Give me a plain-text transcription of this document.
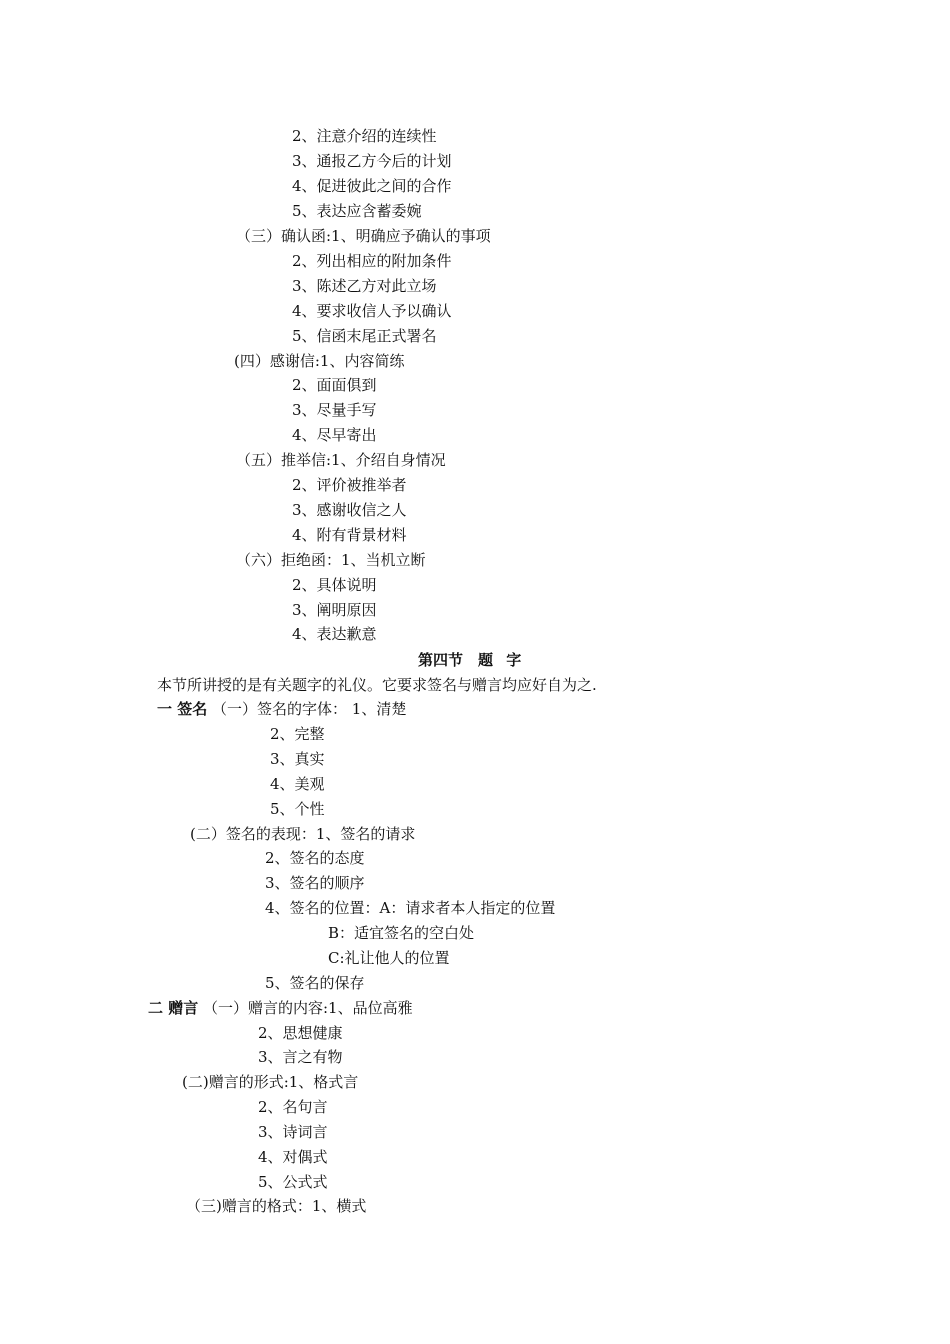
2、注意介绍的连续性
3、通报乙方今后的计划
4、促进彼此之间的合作
5、表达应含蓄委婉
（三）确认函:1、明确应予确认的事项
2、列出相应的附加条件
3、陈述乙方对此立场
4、要求收信人予以确认
5、信函末尾正式署名
(四）感谢信:1、内容简练
2、面面俱到
3、尽量手写
4、尽早寄出
（五）推举信:1、介绍自身情况
2、评价被推举者
3、感谢收信之人
4、附有背景材料
（六）拒绝函：1、当机立断
2、具体说明
3、阐明原因
4、表达歉意
第四节　题 字
本节所讲授的是有关题字的礼仪。它要求签名与赠言均应好自为之.
一 签名 （一）签名的字体： 1、清楚
2、完整
3、真实
4、美观
5、个性
(二）签名的表现：1、签名的请求
2、签名的态度
3、签名的顺序
4、签名的位置：A：请求者本人指定的位置
B：适宜签名的空白处
C:礼让他人的位置
5、签名的保存
二 赠言 （一）赠言的内容:1、品位高雅
2、思想健康
3、言之有物
(二)赠言的形式:1、格式言
2、名句言
3、诗词言
4、对偶式
5、公式式
（三)赠言的格式：1、横式
